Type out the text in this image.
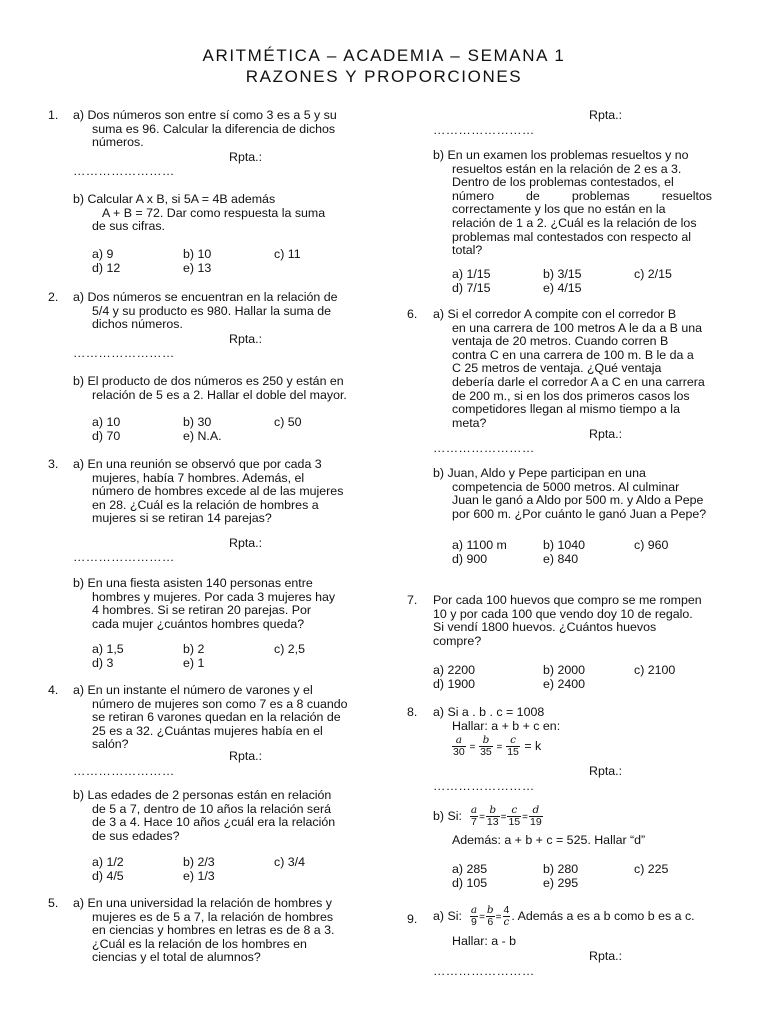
ARITMÉTICA – ACADEMIA – SEMANA 1
RAZONES Y PROPORCIONES
1. a) Dos números son entre sí como 3 es a 5 y su
suma es 96. Calcular la diferencia de dichos
números.
Rpta.:
……………………
b) Calcular A x B, si 5A = 4B además
A + B = 72. Dar como respuesta la suma
de sus cifras.
a) 9	b) 10	c) 11
d) 12	e) 13
2. a) Dos números se encuentran en la relación de
5/4 y su producto es 980. Hallar la suma de
dichos números.
Rpta.:
……………………
b) El producto de dos números es 250 y están en
relación de 5 es a 2. Hallar el doble del mayor.
a) 10	b) 30	c) 50
d) 70	e) N.A.
3. a) En una reunión se observó que por cada 3
mujeres, había 7 hombres. Además, el
número de hombres excede al de las mujeres
en 28. ¿Cuál es la relación de hombres a
mujeres si se retiran 14 parejas?
Rpta.:
……………………
b) En una fiesta asisten 140 personas entre
hombres y mujeres. Por cada 3 mujeres hay
4 hombres. Si se retiran 20 parejas. Por
cada mujer ¿cuántos hombres queda?
a) 1,5	b) 2	c) 2,5
d) 3	e) 1
4. a) En un instante el número de varones y el
número de mujeres son como 7 es a 8 cuando
se retiran 6 varones quedan en la relación de
25 es a 32. ¿Cuántas mujeres había en el
salón?
Rpta.:
……………………
b) Las edades de 2 personas están en relación
de 5 a 7, dentro de 10 años la relación será
de 3 a 4. Hace 10 años ¿cuál era la relación
de sus edades?
a) 1/2	b) 2/3	c) 3/4
d) 4/5	e) 1/3
5. a) En una universidad la relación de hombres y
mujeres es de 5 a 7, la relación de hombres
en ciencias y hombres en letras es de 8 a 3.
¿Cuál es la relación de los hombres en
ciencias y el total de alumnos?
Rpta.:
……………………
b) En un examen los problemas resueltos y no
resueltos están en la relación de 2 es a 3.
Dentro de los problemas contestados, el
número de problemas resueltos
correctamente y los que no están en la
relación de 1 a 2. ¿Cuál es la relación de los
problemas mal contestados con respecto al
total?
a) 1/15	b) 3/15	c) 2/15
d) 7/15	e) 4/15
6. a) Si el corredor A compite con el corredor B
en una carrera de 100 metros A le da a B una
ventaja de 20 metros. Cuando corren B
contra C en una carrera de 100 m. B le da a
C 25 metros de ventaja. ¿Qué ventaja
debería darle el corredor A a C en una carrera
de 200 m., si en los dos primeros casos los
competidores llegan al mismo tiempo a la
meta?
Rpta.:
……………………
b) Juan, Aldo y Pepe participan en una
competencia de 5000 metros. Al culminar
Juan le ganó a Aldo por 500 m. y Aldo a Pepe
por 600 m. ¿Por cuánto le ganó Juan a Pepe?
a) 1100 m	b) 1040	c) 960
d) 900	e) 840
7. Por cada 100 huevos que compro se me rompen
10 y por cada 100 que vendo doy 10 de regalo.
Si vendí 1800 huevos. ¿Cuántos huevos
compre?
a) 2200	b) 2000	c) 2100
d) 1900	e) 2400
8. a) Si a . b . c = 1008
Hallar: a + b + c en:
$\frac{a}{30} = \frac{b}{35} = \frac{c}{15} = k$
Rpta.:
……………………
b) Si: $\frac{a}{7} = \frac{b}{13} = \frac{c}{15} = \frac{d}{19}$
Además: a + b + c = 525. Hallar “d”
a) 285	b) 280	c) 225
d) 105	e) 295
9. a) Si: $\frac{a}{9} = \frac{b}{6} = \frac{4}{c}$ . Además a es a b como b es a c.
Hallar: a - b
Rpta.:
……………………
